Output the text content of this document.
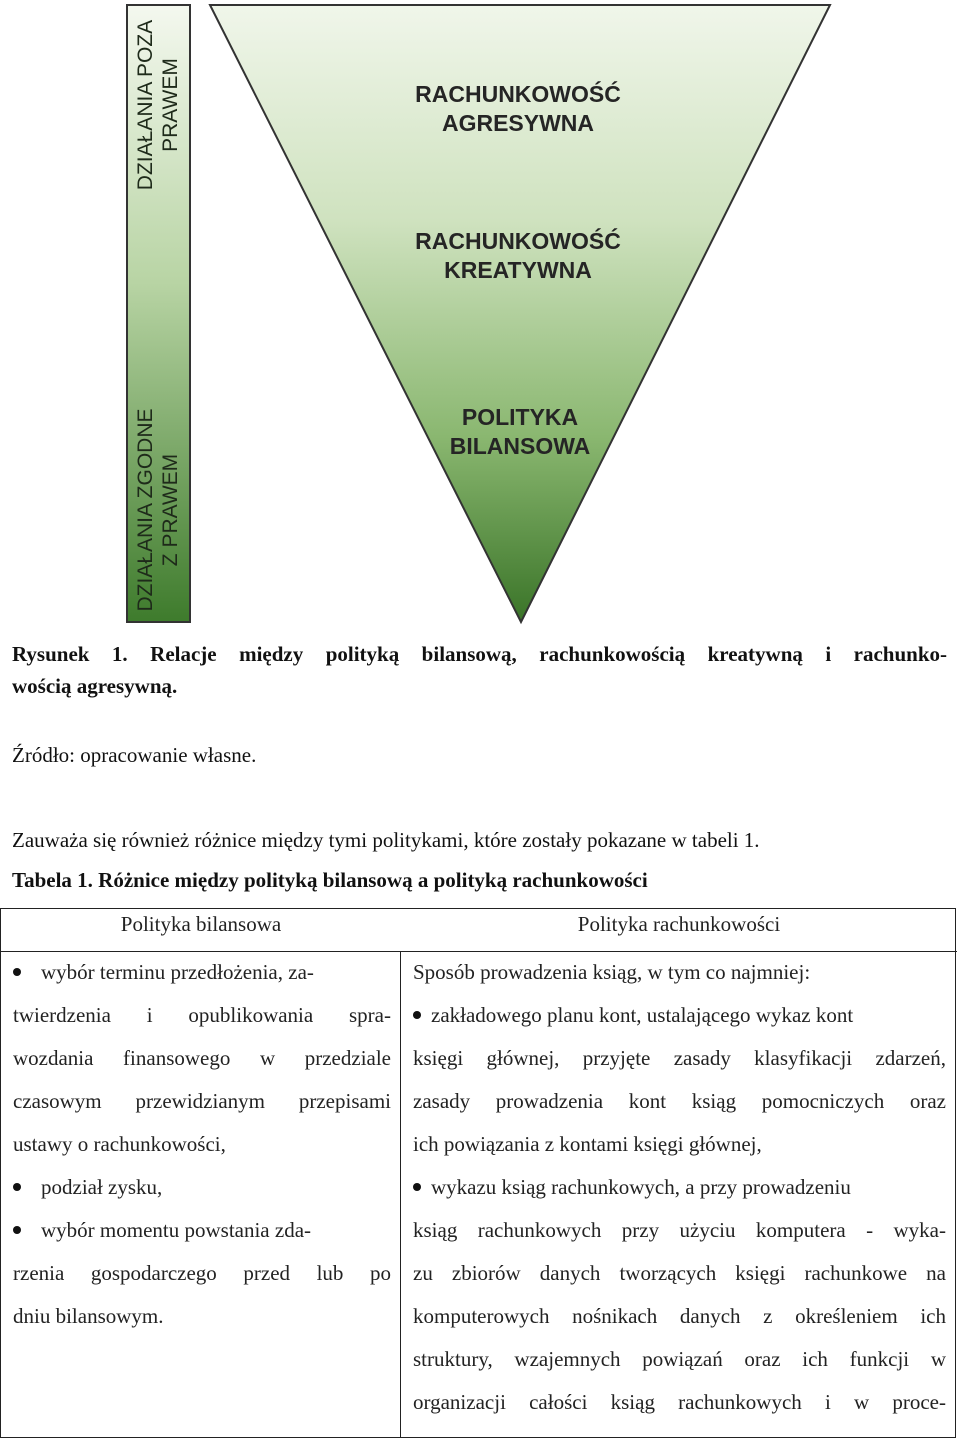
DZIAŁANIA POZA PRAWEM
DZIAŁANIA ZGODNE Z PRAWEM
RACHUNKOWOŚĆ
AGRESYWNA
RACHUNKOWOŚĆ
KREATYWNA
POLITYKA
BILANSOWA
Rysunek 1. Relacje między polityką bilansową, rachunkowością kreatywną i rachunko-
wością agresywną.
Źródło: opracowanie własne.
Zauważa się również różnice między tymi politykami, które zostały pokazane w tabeli 1.
Tabela 1. Różnice między polityką bilansową a polityką rachunkowości
Polityka bilansowa	Polityka rachunkowości
wybór terminu przedłożenia, za-
twierdzenia i opublikowania spra-
wozdania finansowego w przedziale
czasowym przewidzianym przepisami
ustawy o rachunkowości,
podział zysku,
wybór momentu powstania zda-
rzenia gospodarczego przed lub po
dniu bilansowym.
Sposób prowadzenia ksiąg, w tym co najmniej:
zakładowego planu kont, ustalającego wykaz kont
księgi głównej, przyjęte zasady klasyfikacji zdarzeń,
zasady prowadzenia kont ksiąg pomocniczych oraz
ich powiązania z kontami księgi głównej,
wykazu ksiąg rachunkowych, a przy prowadzeniu
ksiąg rachunkowych przy użyciu komputera - wyka-
zu zbiorów danych tworzących księgi rachunkowe na
komputerowych nośnikach danych z określeniem ich
struktury, wzajemnych powiązań oraz ich funkcji w
organizacji całości ksiąg rachunkowych i w proce-
